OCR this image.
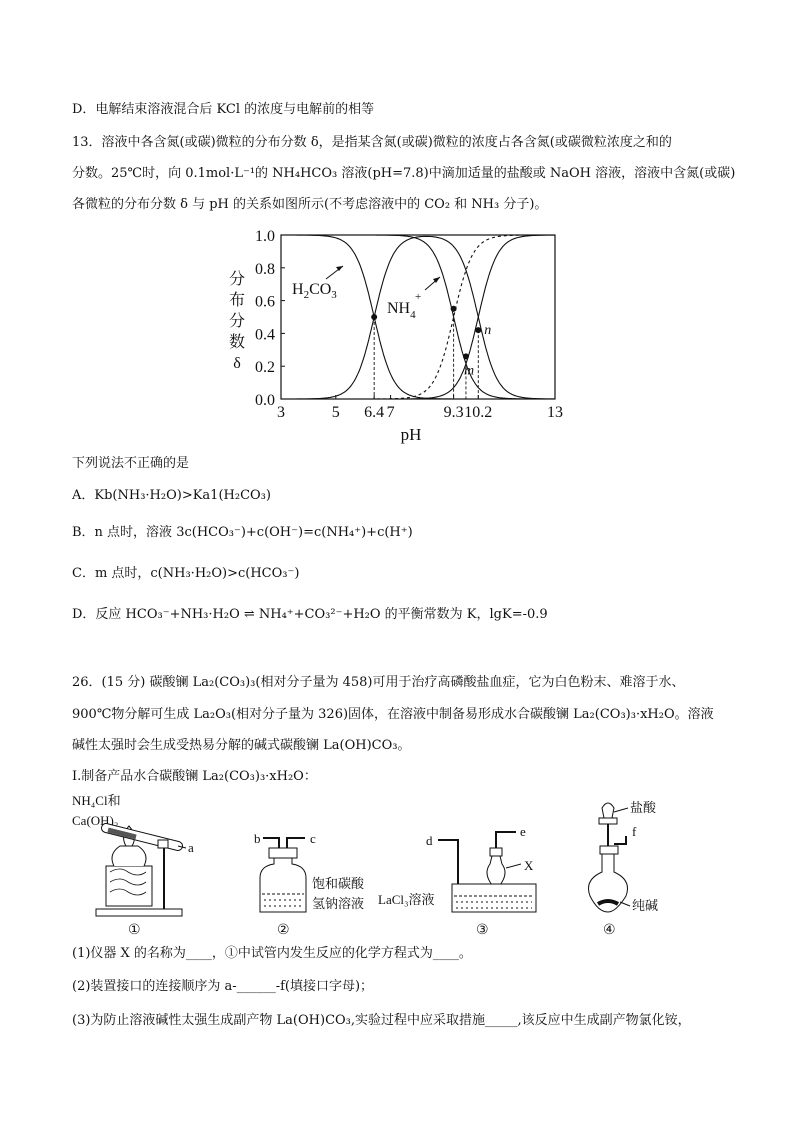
D．电解结束溶液混合后 KCl 的浓度与电解前的相等
13．溶液中各含氮(或碳)微粒的分布分数 δ，是指某含氮(或碳)微粒的浓度占各含氮(或碳微粒浓度之和的
分数。25℃时，向 0.1mol·L⁻¹的 NH₄HCO₃ 溶液(pH=7.8)中滴加适量的盐酸或 NaOH 溶液，溶液中含氮(或碳)
各微粒的分布分数 δ 与 pH 的关系如图所示(不考虑溶液中的 CO₂ 和 NH₃ 分子)。
n
m
0.0
0.2
0.4
0.6
0.8
1.0
3	5 6.4 7	9.3 10.2	13
分
布
分
数
δ
pH
$H_2CO_3$
$NH_4$
+
下列说法不正确的是
A．Kb(NH₃·H₂O)>Ka1(H₂CO₃)
B．n 点时，溶液 3c(HCO₃⁻)+c(OH⁻)=c(NH₄⁺)+c(H⁺)
C．m 点时，c(NH₃·H₂O)>c(HCO₃⁻)
D．反应 HCO₃⁻+NH₃·H₂O ⇌ NH₄⁺+CO₃²⁻+H₂O 的平衡常数为 K，lgK=-0.9
26．(15 分) 碳酸镧 La₂(CO₃)₃(相对分子量为 458)可用于治疗高磷酸盐血症，它为白色粉末、难溶于水、
900℃物分解可生成 La₂O₃(相对分子量为 326)固体，在溶液中制备易形成水合碳酸镧 La₂(CO₃)₃·xH₂O。溶液
碱性太强时会生成受热易分解的碱式碳酸镧 La(OH)CO₃。
I.制备产品水合碳酸镧 La₂(CO₃)₃·xH₂O：
NH₄Cl和
Ca(OH)₂
a
①
b	c
饱和碳酸
氢钠溶液
②
d
e
X
LaCl₃溶液
③
盐酸
f
纯碱
④
(1)仪器 X 的名称为____，①中试管内发生反应的化学方程式为____。
(2)装置接口的连接顺序为 a-______-f(填接口字母)；
(3)为防止溶液碱性太强生成副产物 La(OH)CO₃,实验过程中应采取措施_____,该反应中生成副产物氯化铵，
